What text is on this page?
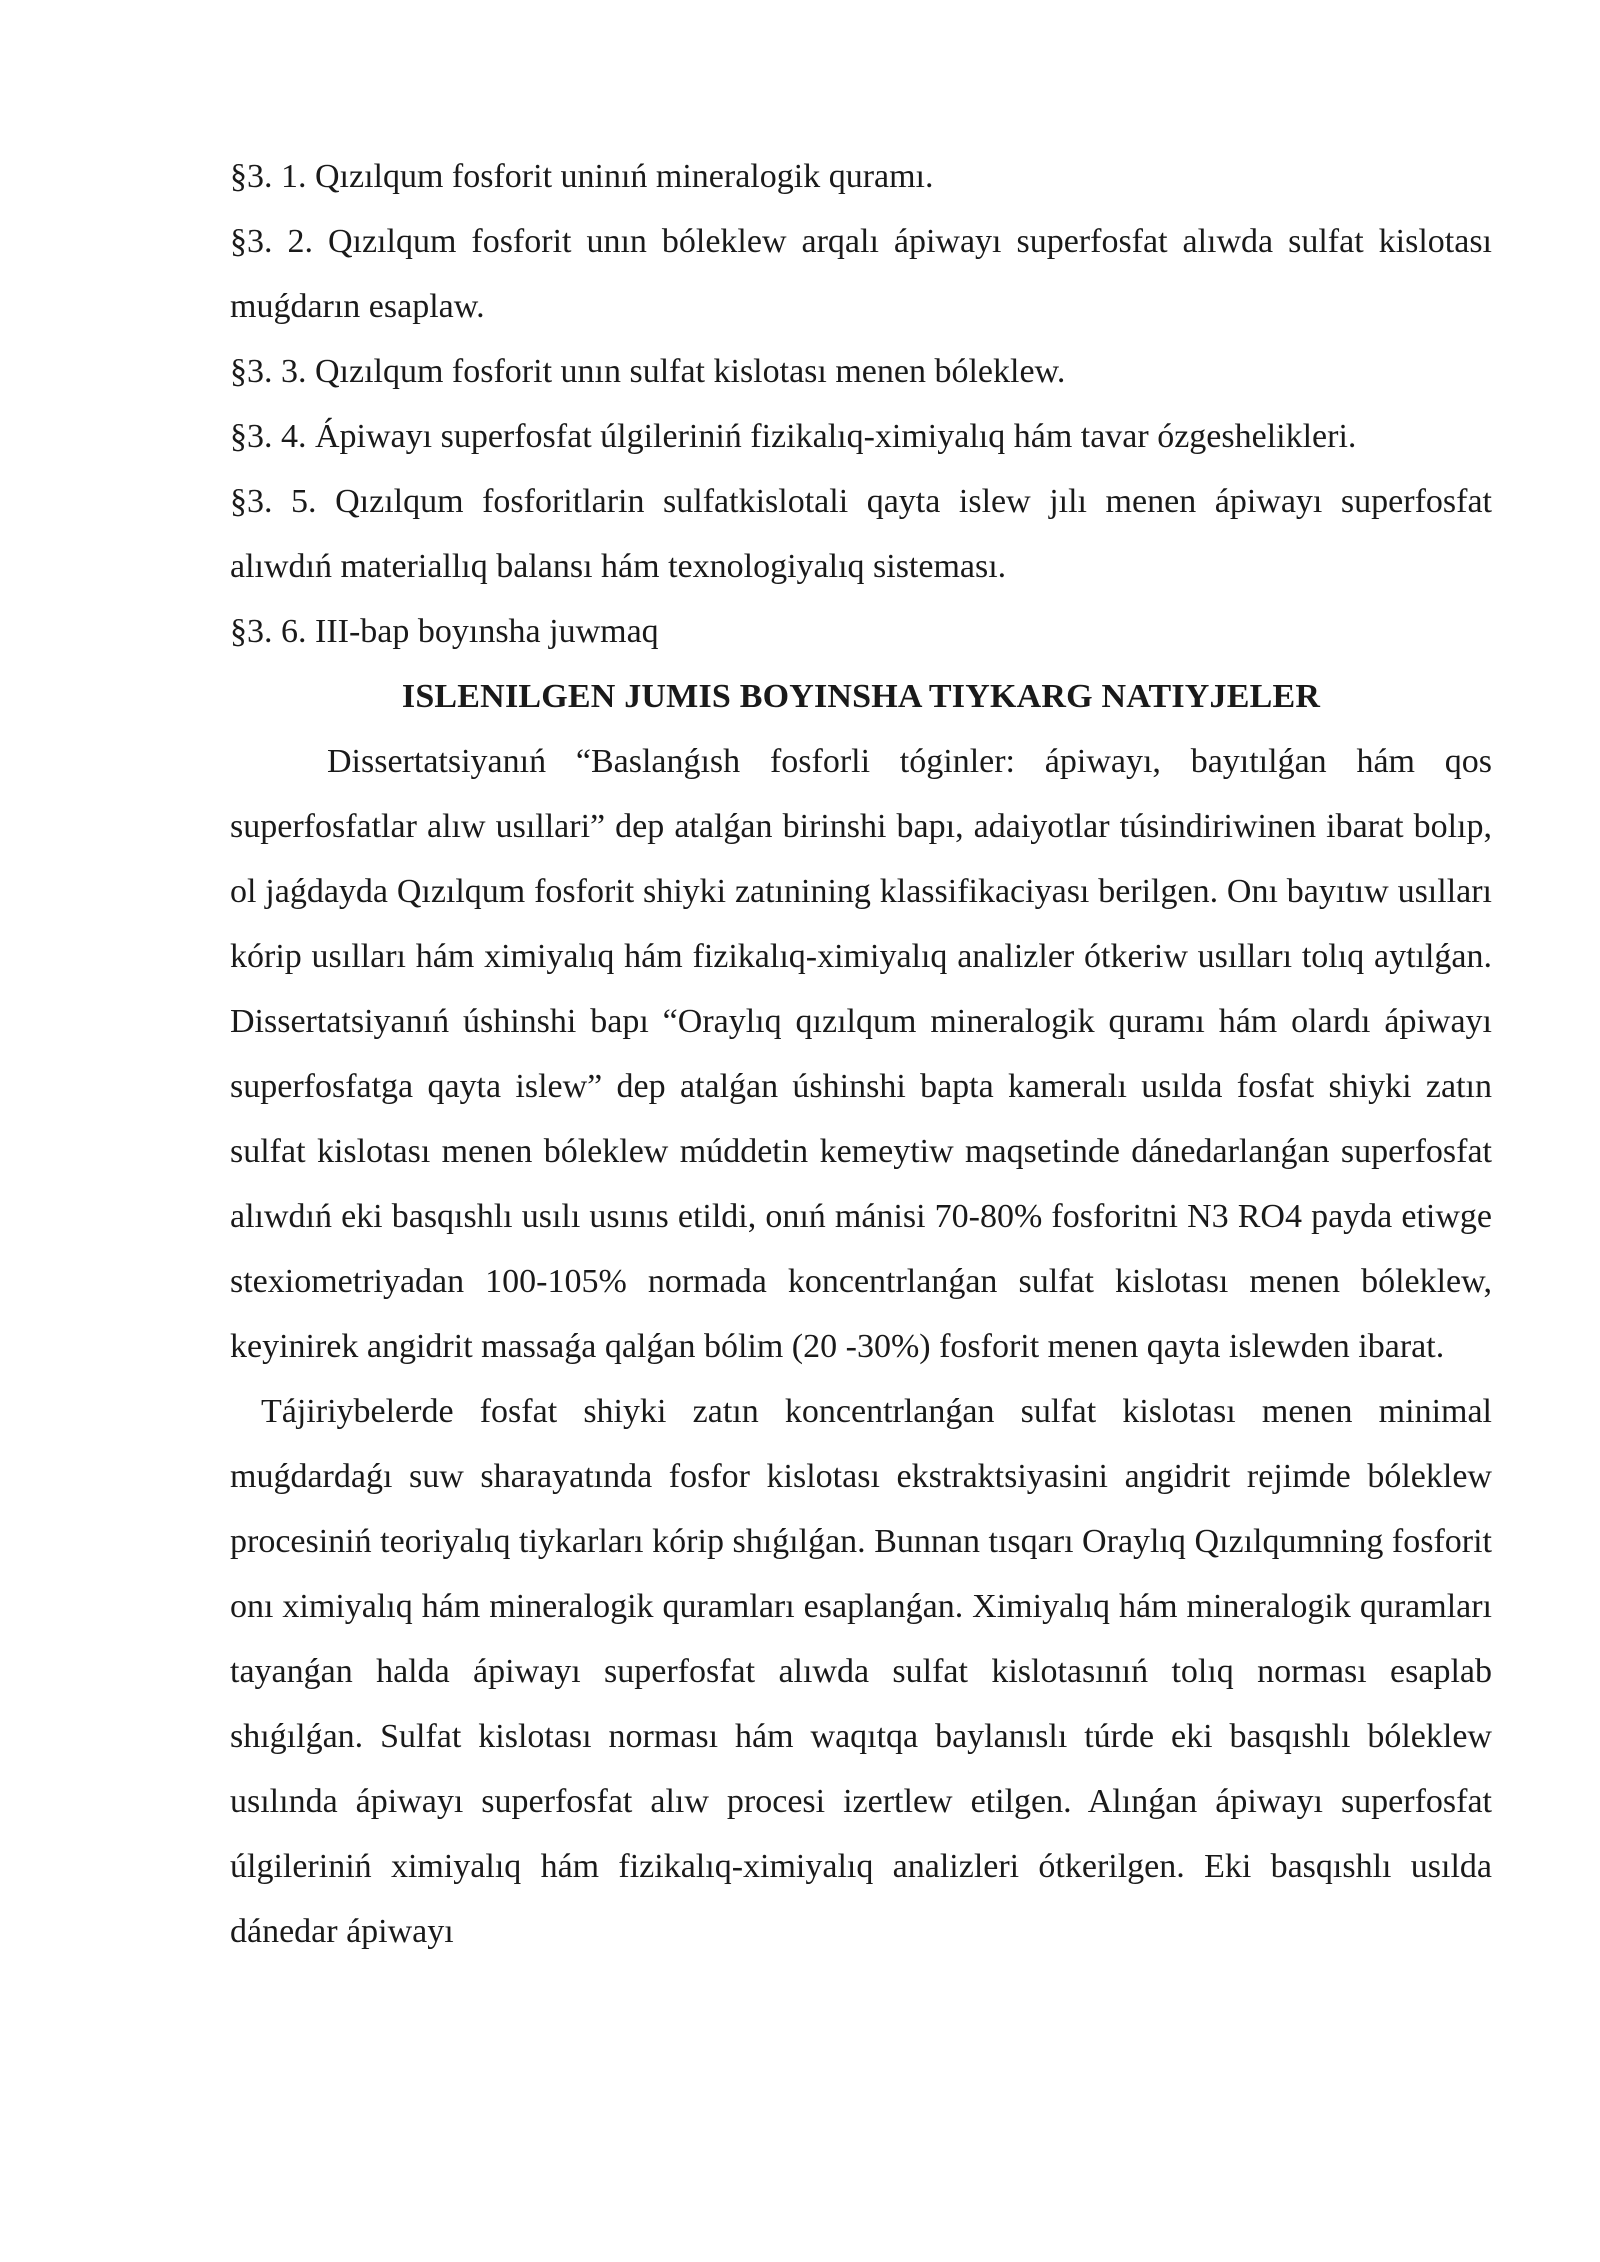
§3. 1. Qızılqum fosforit uninıń mineralogik quramı.

§3. 2. Qızılqum fosforit unın bóleklew arqalı ápiwayı superfosfat alıwda sulfat kislotası muǵdarın esaplaw.

§3. 3. Qızılqum fosforit unın sulfat kislotası menen bóleklew.

§3. 4. Ápiwayı superfosfat úlgileriniń fizikalıq-ximiyalıq hám tavar ózgeshelikleri.

§3. 5. Qızılqum fosforitlarin sulfatkislotali qayta islew jılı menen ápiwayı superfosfat alıwdıń materiallıq balansı hám texnologiyalıq sisteması.

§3. 6. III-bap boyınsha juwmaq

ISLENILGEN JUMIS BOYINSHA TIYKARG NATIYJELER

Dissertatsiyanıń “Baslanǵısh fosforli tóginler: ápiwayı, bayıtılǵan hám qos superfosfatlar alıw usıllari” dep atalǵan birinshi bapı, adaiyotlar túsindiriwinen ibarat bolıp, ol jaǵdayda Qızılqum fosforit shiyki zatınining klassifikaciyası berilgen. Onı bayıtıw usılları kórip usılları hám ximiyalıq hám fizikalıq-ximiyalıq analizler ótkeriw usılları tolıq aytılǵan. Dissertatsiyanıń úshinshi bapı “Oraylıq qızılqum mineralogik quramı hám olardı ápiwayı superfosfatga qayta islew” dep atalǵan úshinshi bapta kameralı usılda fosfat shiyki zatın sulfat kislotası menen bóleklew múddetin kemeytiw maqsetinde dánedarlanǵan superfosfat alıwdıń eki basqıshlı usılı usınıs etildi, onıń mánisi 70-80% fosforitni N3 RO4 payda etiwge stexiometriyadan 100-105% normada koncentrlanǵan sulfat kislotası menen bóleklew, keyinirek angidrit massaǵa qalǵan bólim (20 -30%) fosforit menen qayta islewden ibarat.

Tájiriybelerde fosfat shiyki zatın koncentrlanǵan sulfat kislotası menen minimal muǵdardaǵı suw sharayatında fosfor kislotası ekstraktsiyasini angidrit rejimde bóleklew procesiniń teoriyalıq tiykarları kórip shıǵılǵan. Bunnan tısqarı Oraylıq Qızılqumning fosforit onı ximiyalıq hám mineralogik quramları esaplanǵan. Ximiyalıq hám mineralogik quramları tayanǵan halda ápiwayı superfosfat alıwda sulfat kislotasınıń tolıq norması esaplab shıǵılǵan. Sulfat kislotası norması hám waqıtqa baylanıslı túrde eki basqıshlı bóleklew usılında ápiwayı superfosfat alıw procesi izertlew etilgen. Alınǵan ápiwayı superfosfat úlgileriniń ximiyalıq hám fizikalıq-ximiyalıq analizleri ótkerilgen. Eki basqıshlı usılda dánedar ápiwayı
